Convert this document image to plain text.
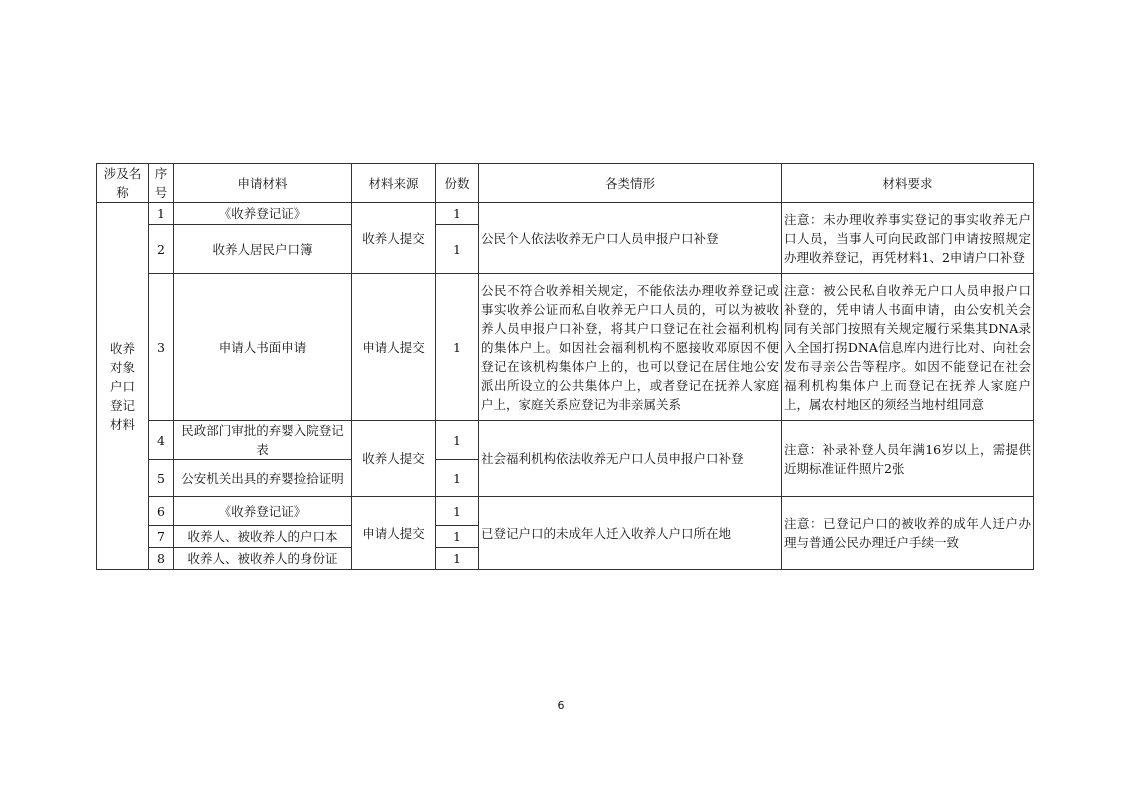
涉及名称	序号	申请材料	材料来源	份数	各类情形	材料要求
收养对象户口登记材料	1	《收养登记证》	收养人提交	1	公民个人依法收养无户口人员申报户口补登	注意：未办理收养事实登记的事实收养无户口人员，当事人可向民政部门申请按照规定办理收养登记，再凭材料1、2申请户口补登
	2	收养人居民户口簿		1		
	3	申请人书面申请	申请人提交	1	公民不符合收养相关规定，不能依法办理收养登记或事实收养公证而私自收养无户口人员的，可以为被收养人员申报户口补登，将其户口登记在社会福利机构的集体户上。如因社会福利机构不愿接收邓原因不便登记在该机构集体户上的，也可以登记在居住地公安派出所设立的公共集体户上，或者登记在抚养人家庭户上，家庭关系应登记为非亲属关系	注意：被公民私自收养无户口人员申报户口补登的，凭申请人书面申请，由公安机关会同有关部门按照有关规定履行采集其DNA录入全国打拐DNA信息库内进行比对、向社会发布寻亲公告等程序。如因不能登记在社会福利机构集体户上而登记在抚养人家庭户上，属农村地区的须经当地村组同意
	4	民政部门审批的弃婴入院登记表	收养人提交	1	社会福利机构依法收养无户口人员申报户口补登	注意：补录补登人员年满16岁以上，需提供近期标准证件照片2张
	5	公安机关出具的弃婴捡拾证明		1		
	6	《收养登记证》	申请人提交	1	已登记户口的未成年人迁入收养人户口所在地	注意：已登记户口的被收养的成年人迁户办理与普通公民办理迁户手续一致
	7	收养人、被收养人的户口本		1		
	8	收养人、被收养人的身份证		1		
6
